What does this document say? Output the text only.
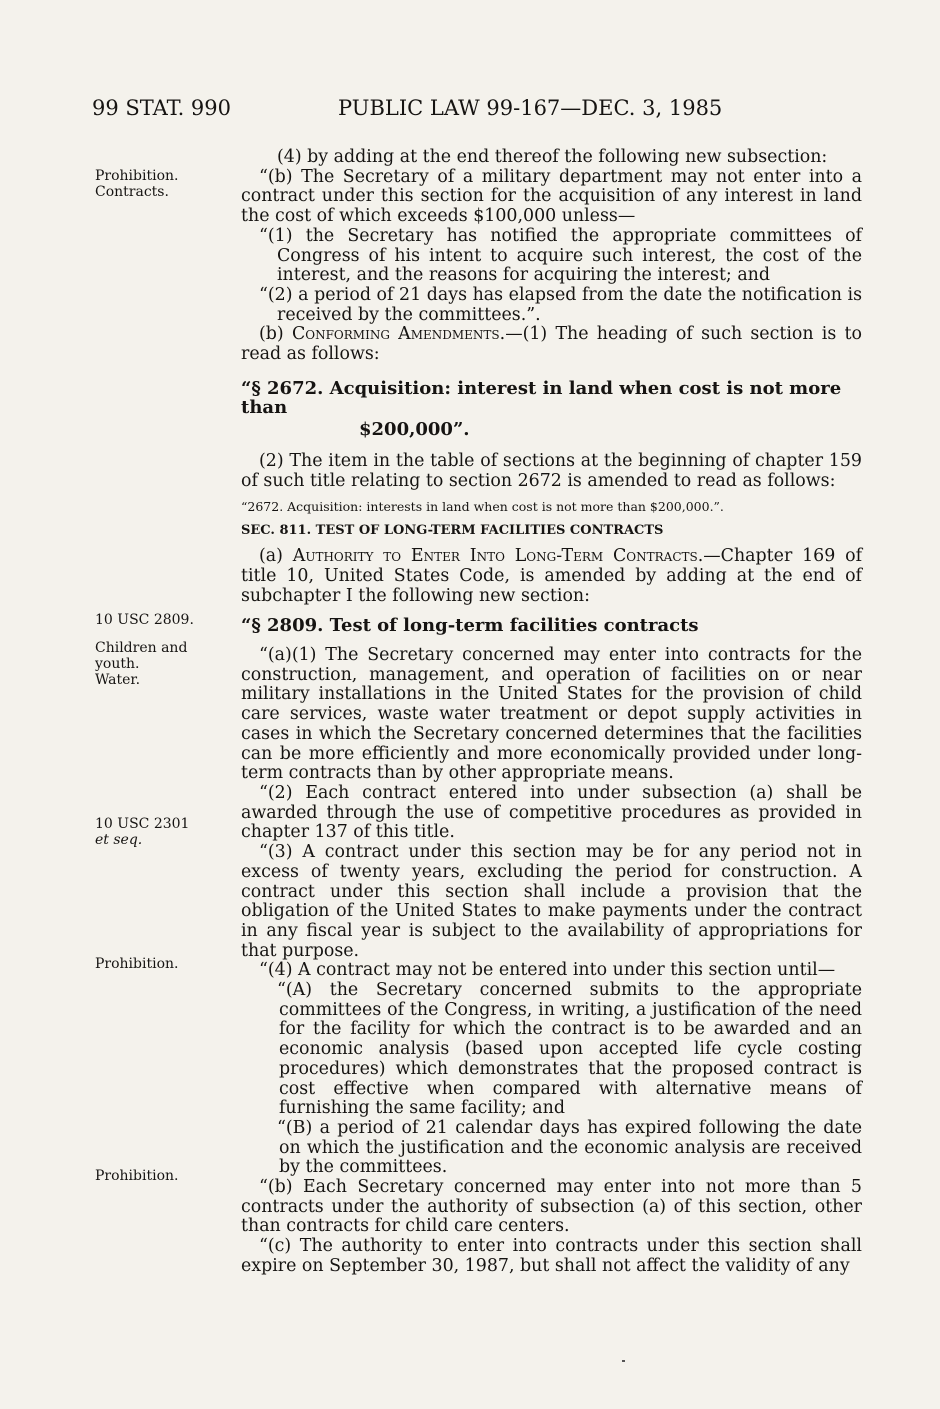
99 STAT. 990	PUBLIC LAW 99-167—DEC. 3, 1985
Prohibition.
Contracts.
10 USC 2809.
Children and
youth.
Water.
10 USC 2301
et seq.
Prohibition.
Prohibition.

(4) by adding at the end thereof the following new subsection:

“(b) The Secretary of a military department may not enter into a contract under this section for the acquisition of any interest in land the cost of which exceeds $100,000 unless—

“(1) the Secretary has notified the appropriate committees of Congress of his intent to acquire such interest, the cost of the interest, and the reasons for acquiring the interest; and

“(2) a period of 21 days has elapsed from the date the notification is received by the committees.”.

(b) Conforming Amendments.—(1) The heading of such section is to read as follows:

“§ 2672. Acquisition: interest in land when cost is not more than
$200,000”.

(2) The item in the table of sections at the beginning of chapter 159 of such title relating to section 2672 is amended to read as follows:

“2672. Acquisition: interests in land when cost is not more than $200,000.”.

SEC. 811. TEST OF LONG-TERM FACILITIES CONTRACTS

(a) Authority to Enter Into Long-Term Contracts.—Chapter 169 of title 10, United States Code, is amended by adding at the end of subchapter I the following new section:

“§ 2809. Test of long-term facilities contracts

“(a)(1) The Secretary concerned may enter into contracts for the construction, management, and operation of facilities on or near military installations in the United States for the provision of child care services, waste water treatment or depot supply activities in cases in which the Secretary concerned determines that the facilities can be more efficiently and more economically provided under long-term contracts than by other appropriate means.

“(2) Each contract entered into under subsection (a) shall be awarded through the use of competitive procedures as provided in chapter 137 of this title.

“(3) A contract under this section may be for any period not in excess of twenty years, excluding the period for construction. A contract under this section shall include a provision that the obligation of the United States to make payments under the contract in any fiscal year is subject to the availability of appropriations for that purpose.

“(4) A contract may not be entered into under this section until—

“(A) the Secretary concerned submits to the appropriate committees of the Congress, in writing, a justification of the need for the facility for which the contract is to be awarded and an economic analysis (based upon accepted life cycle costing procedures) which demonstrates that the proposed contract is cost effective when compared with alternative means of furnishing the same facility; and

“(B) a period of 21 calendar days has expired following the date on which the justification and the economic analysis are received by the committees.

“(b) Each Secretary concerned may enter into not more than 5 contracts under the authority of subsection (a) of this section, other than contracts for child care centers.

“(c) The authority to enter into contracts under this section shall expire on September 30, 1987, but shall not affect the validity of any
